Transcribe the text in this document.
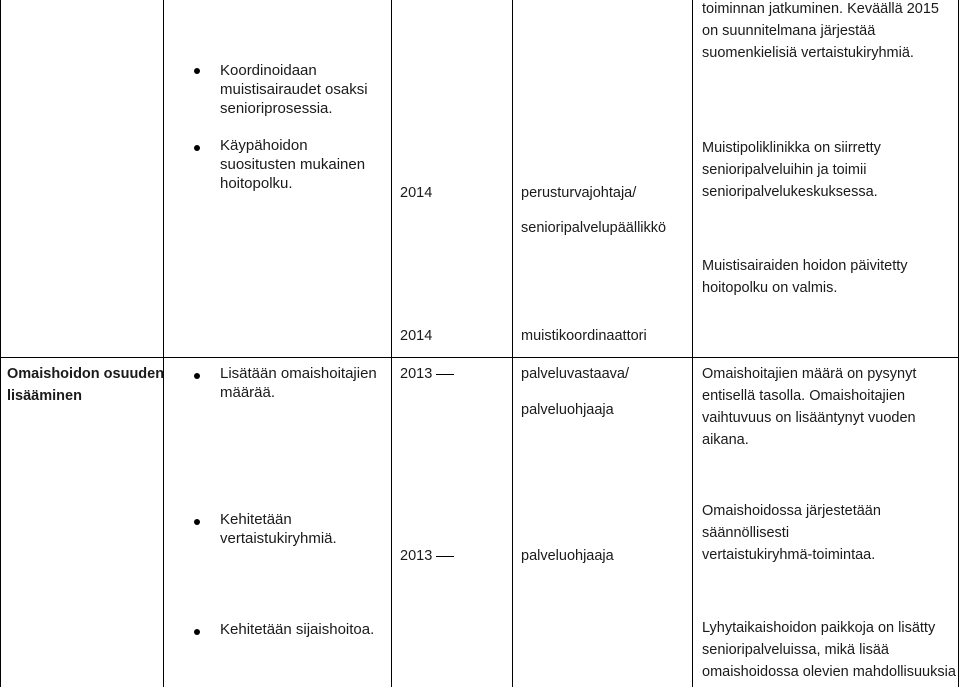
Omaishoidon osuuden
lisääminen
Koordinoidaan
muistisairaudet osaksi
senioriprosessia.
Käypähoidon
suositusten mukainen
hoitopolku.
Lisätään omaishoitajien
määrää.
Kehitetään
vertaistukiryhmiä.
Kehitetään sijaishoitoa.
2014
2014
2013
2013
perusturvajohtaja/
senioripalvelupäällikkö
muistikoordinaattori
palveluvastaava/
palveluohjaaja
palveluohjaaja
toiminnan jatkuminen. Keväällä 2015
on suunnitelmana järjestää
suomenkielisiä vertaistukiryhmiä.
Muistipoliklinikka on siirretty
senioripalveluihin ja toimii
senioripalvelukeskuksessa.
Muistisairaiden hoidon päivitetty
hoitopolku on valmis.
Omaishoitajien määrä on pysynyt
entisellä tasolla. Omaishoitajien
vaihtuvuus on lisääntynyt vuoden
aikana.
Omaishoidossa järjestetään
säännöllisesti
vertaistukiryhmä-toimintaa.
Lyhytaikaishoidon paikkoja on lisätty
senioripalveluissa, mikä lisää
omaishoidossa olevien mahdollisuuksia
